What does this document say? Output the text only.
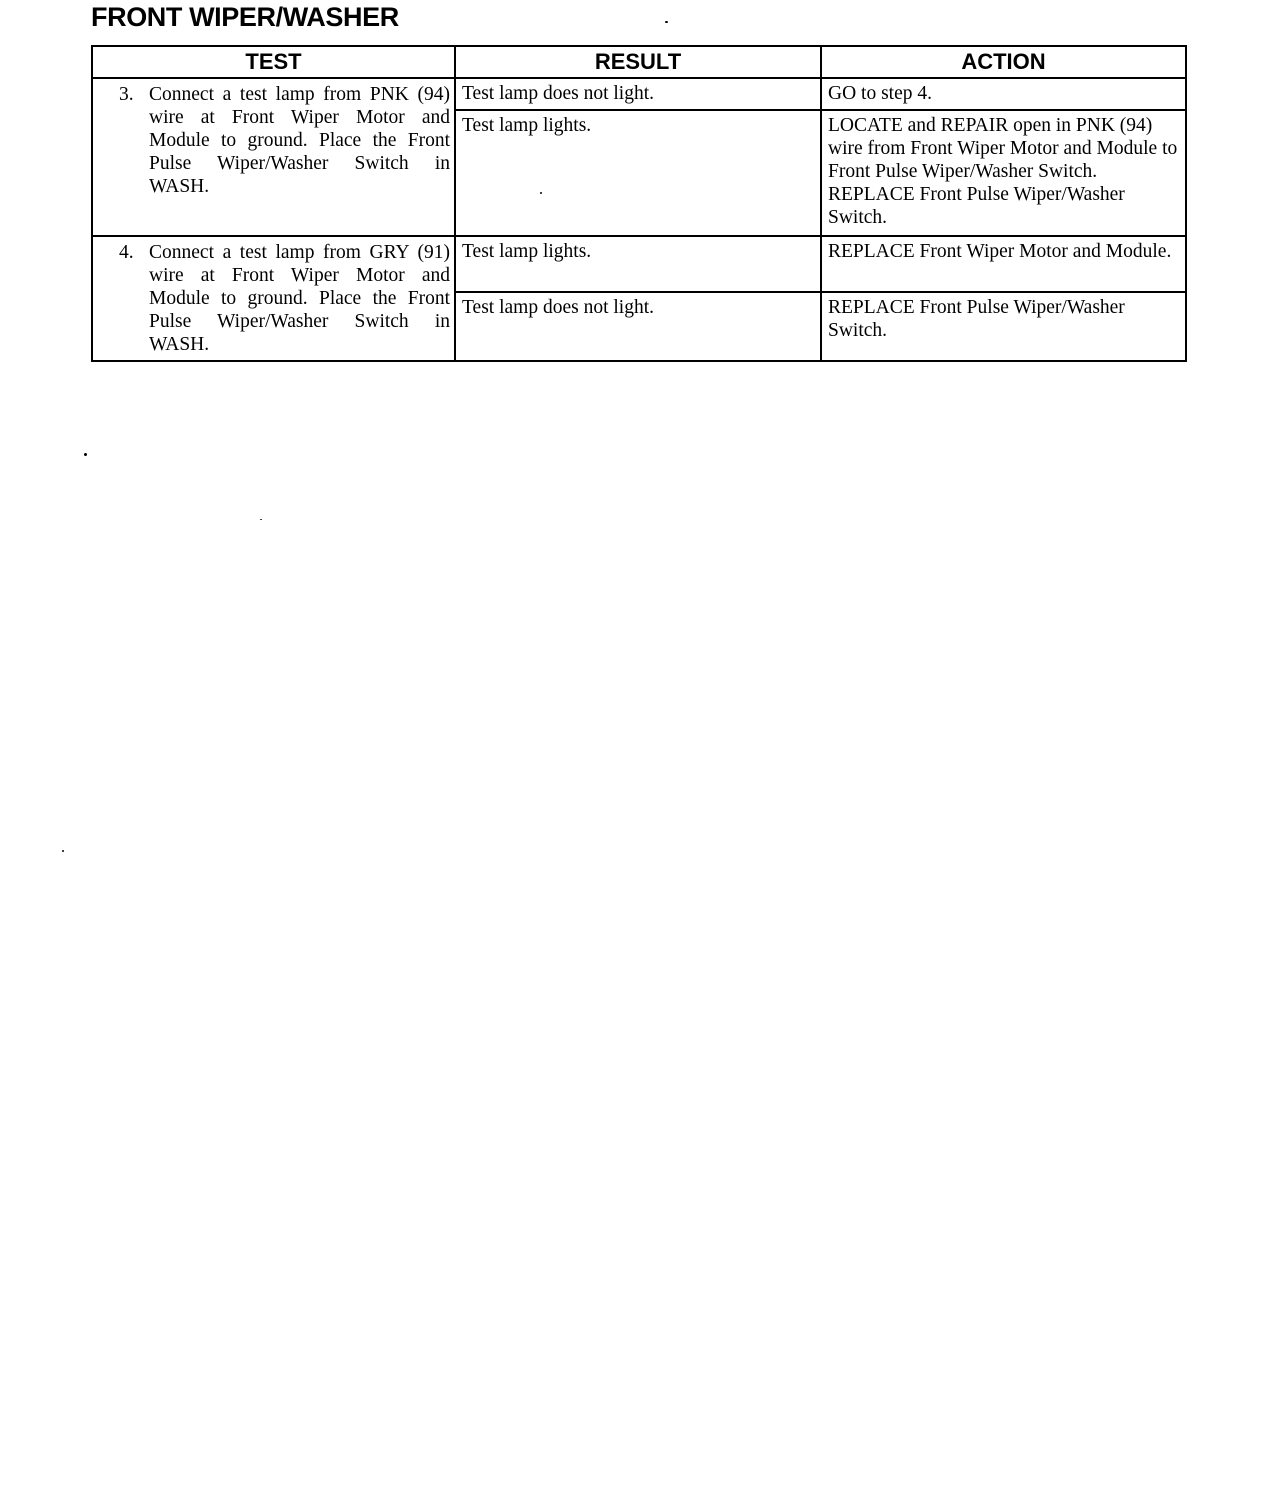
FRONT WIPER/WASHER
TEST	RESULT	ACTION

3. Connect a test lamp from PNK (94) wire at Front Wiper Motor and Module to ground. Place the Front Pulse Wiper/Washer Switch in WASH.	Test lamp does not light.	GO to step 4.
	Test lamp lights.	LOCATE and REPAIR open in PNK (94) wire from Front Wiper Motor and Module to Front Pulse Wiper/Washer Switch. REPLACE Front Pulse Wiper/Washer Switch.

4. Connect a test lamp from GRY (91) wire at Front Wiper Motor and Module to ground. Place the Front Pulse Wiper/Washer Switch in WASH.	Test lamp lights.	REPLACE Front Wiper Motor and Module.
	Test lamp does not light.	REPLACE Front Pulse Wiper/Washer Switch.
